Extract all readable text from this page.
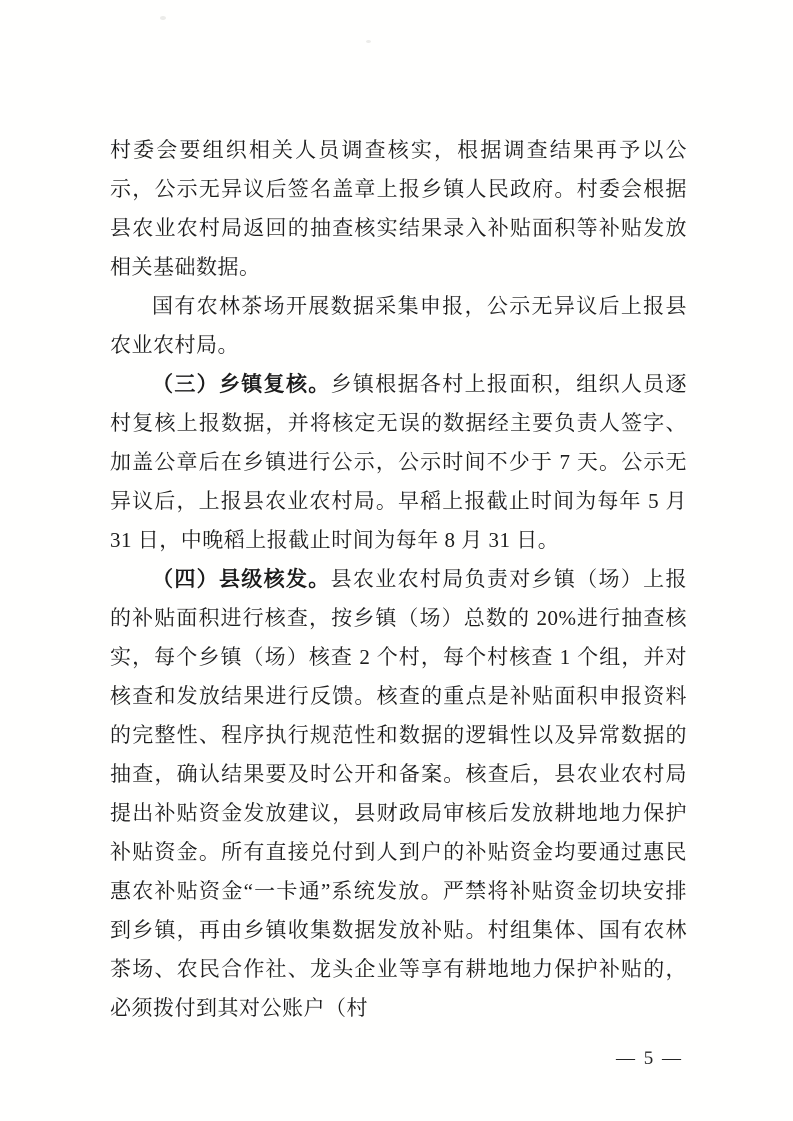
村委会要组织相关人员调查核实，根据调查结果再予以公示，公示无异议后签名盖章上报乡镇人民政府。村委会根据县农业农村局返回的抽查核实结果录入补贴面积等补贴发放相关基础数据。

国有农林茶场开展数据采集申报，公示无异议后上报县农业农村局。

（三）乡镇复核。乡镇根据各村上报面积，组织人员逐村复核上报数据，并将核定无误的数据经主要负责人签字、加盖公章后在乡镇进行公示，公示时间不少于 7 天。公示无异议后，上报县农业农村局。早稻上报截止时间为每年 5 月 31 日，中晚稻上报截止时间为每年 8 月 31 日。

（四）县级核发。县农业农村局负责对乡镇（场）上报的补贴面积进行核查，按乡镇（场）总数的 20%进行抽查核实，每个乡镇（场）核查 2 个村，每个村核查 1 个组，并对核查和发放结果进行反馈。核查的重点是补贴面积申报资料的完整性、程序执行规范性和数据的逻辑性以及异常数据的抽查，确认结果要及时公开和备案。核查后，县农业农村局提出补贴资金发放建议，县财政局审核后发放耕地地力保护补贴资金。所有直接兑付到人到户的补贴资金均要通过惠民惠农补贴资金“一卡通”系统发放。严禁将补贴资金切块安排到乡镇，再由乡镇收集数据发放补贴。村组集体、国有农林茶场、农民合作社、龙头企业等享有耕地地力保护补贴的，必须拨付到其对公账户（村

— 5 —
